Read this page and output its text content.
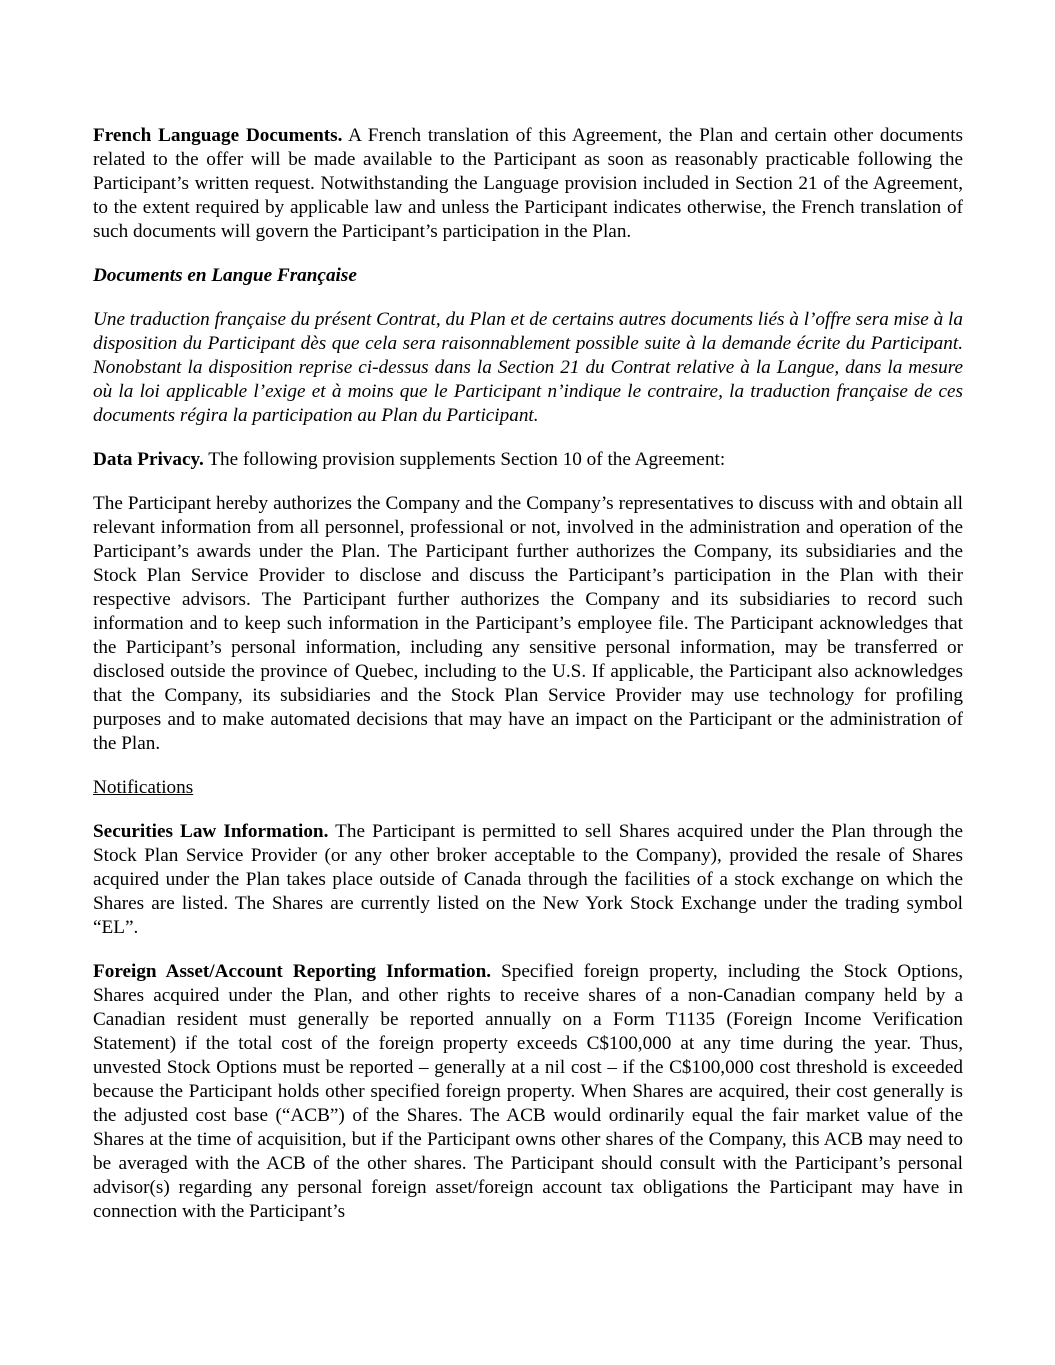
French Language Documents. A French translation of this Agreement, the Plan and certain other documents related to the offer will be made available to the Participant as soon as reasonably practicable following the Participant’s written request. Notwithstanding the Language provision included in Section 21 of the Agreement, to the extent required by applicable law and unless the Participant indicates otherwise, the French translation of such documents will govern the Participant’s participation in the Plan.

Documents en Langue Française

Une traduction française du présent Contrat, du Plan et de certains autres documents liés à l’offre sera mise à la disposition du Participant dès que cela sera raisonnablement possible suite à la demande écrite du Participant. Nonobstant la disposition reprise ci-dessus dans la Section 21 du Contrat relative à la Langue, dans la mesure où la loi applicable l’exige et à moins que le Participant n’indique le contraire, la traduction française de ces documents régira la participation au Plan du Participant.

Data Privacy. The following provision supplements Section 10 of the Agreement:

The Participant hereby authorizes the Company and the Company’s representatives to discuss with and obtain all relevant information from all personnel, professional or not, involved in the administration and operation of the Participant’s awards under the Plan. The Participant further authorizes the Company, its subsidiaries and the Stock Plan Service Provider to disclose and discuss the Participant’s participation in the Plan with their respective advisors. The Participant further authorizes the Company and its subsidiaries to record such information and to keep such information in the Participant’s employee file. The Participant acknowledges that the Participant’s personal information, including any sensitive personal information, may be transferred or disclosed outside the province of Quebec, including to the U.S. If applicable, the Participant also acknowledges that the Company, its subsidiaries and the Stock Plan Service Provider may use technology for profiling purposes and to make automated decisions that may have an impact on the Participant or the administration of the Plan.

Notifications

Securities Law Information. The Participant is permitted to sell Shares acquired under the Plan through the Stock Plan Service Provider (or any other broker acceptable to the Company), provided the resale of Shares acquired under the Plan takes place outside of Canada through the facilities of a stock exchange on which the Shares are listed. The Shares are currently listed on the New York Stock Exchange under the trading symbol “EL”.

Foreign Asset/Account Reporting Information. Specified foreign property, including the Stock Options, Shares acquired under the Plan, and other rights to receive shares of a non-Canadian company held by a Canadian resident must generally be reported annually on a Form T1135 (Foreign Income Verification Statement) if the total cost of the foreign property exceeds C$100,000 at any time during the year. Thus, unvested Stock Options must be reported – generally at a nil cost – if the C$100,000 cost threshold is exceeded because the Participant holds other specified foreign property. When Shares are acquired, their cost generally is the adjusted cost base (“ACB”) of the Shares. The ACB would ordinarily equal the fair market value of the Shares at the time of acquisition, but if the Participant owns other shares of the Company, this ACB may need to be averaged with the ACB of the other shares. The Participant should consult with the Participant’s personal advisor(s) regarding any personal foreign asset/foreign account tax obligations the Participant may have in connection with the Participant’s
